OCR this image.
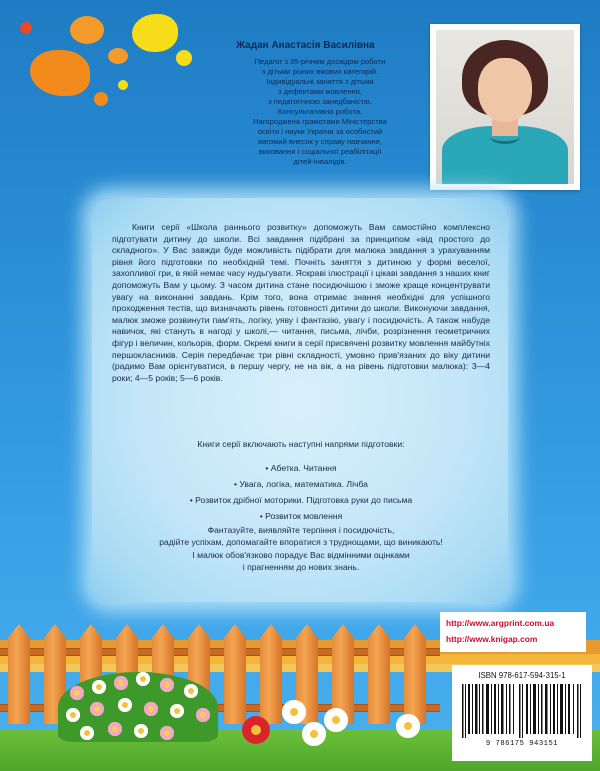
Жадан Анастасія Василівна
Педагог з 35-річним досвідом роботи
з дітьми різних вікових категорій.
Індивідуальні заняття з дітьми
з дефектами мовлення,
з педагогічною занедбаністю.
Консультативна робота.
Нагороджена грамотами Міністерства
освіти і науки України за особистий
вагомий внесок у справу навчання,
виховання і соціальної реабілітації
дітей-інвалідів.

Книги серії «Школа раннього розвитку» допоможуть Вам самостійно комплексно підготувати дитину до школи. Всі завдання підібрані за принципом «від простого до складного». У Вас завжди буде можливість підібрати для малюка завдання з урахуванням рівня його підготовки по необхідній темі. Почніть заняття з дитиною у формі веселої, захопливої гри, в якій немає часу нудьгувати. Яскраві ілюстрації і цікаві завдання з наших книг допоможуть Вам у цьому. З часом дитина стане посидючішою і зможе краще концентрувати увагу на виконанні завдань. Крім того, вона отримає знання необхідні для успішного проходження тестів, що визначають рівень готовності дитини до школи. Виконуючи завдання, малюк зможе розвинути пам'ять, логіку, уяву і фантазію, увагу і посидючість. А також набуде навичок, які стануть в нагоді у школі,— читання, письма, лічби, розрізнення геометричних фігур і величин, кольорів, форм. Окремі книги в серії присвячені розвитку мовлення майбутніх першокласників. Серія передбачає три рівні складності, умовно прив'язаних до віку дитини (радимо Вам орієнтуватися, в першу чергу, не на вік, а на рівень підготовки малюка): 3—4 роки; 4—5 років; 5—6 років.

Книги серії включають наступні напрями підготовки:
• Абетка. Читання
• Увага, логіка, математика. Лічба
• Розвиток дрібної моторики. Підготовка руки до письма
• Розвиток мовлення
Фантазуйте, виявляйте терпіння і посидючість,
радійте успіхам, допомагайте впоратися з труднощами, що виникають!
І малюк обов'язково порадує Вас відмінними оцінками
і прагненням до нових знань.
http://www.argprint.com.ua
http://www.knigap.com
ISBN 978-617-594-315-1
9 786175 943151
